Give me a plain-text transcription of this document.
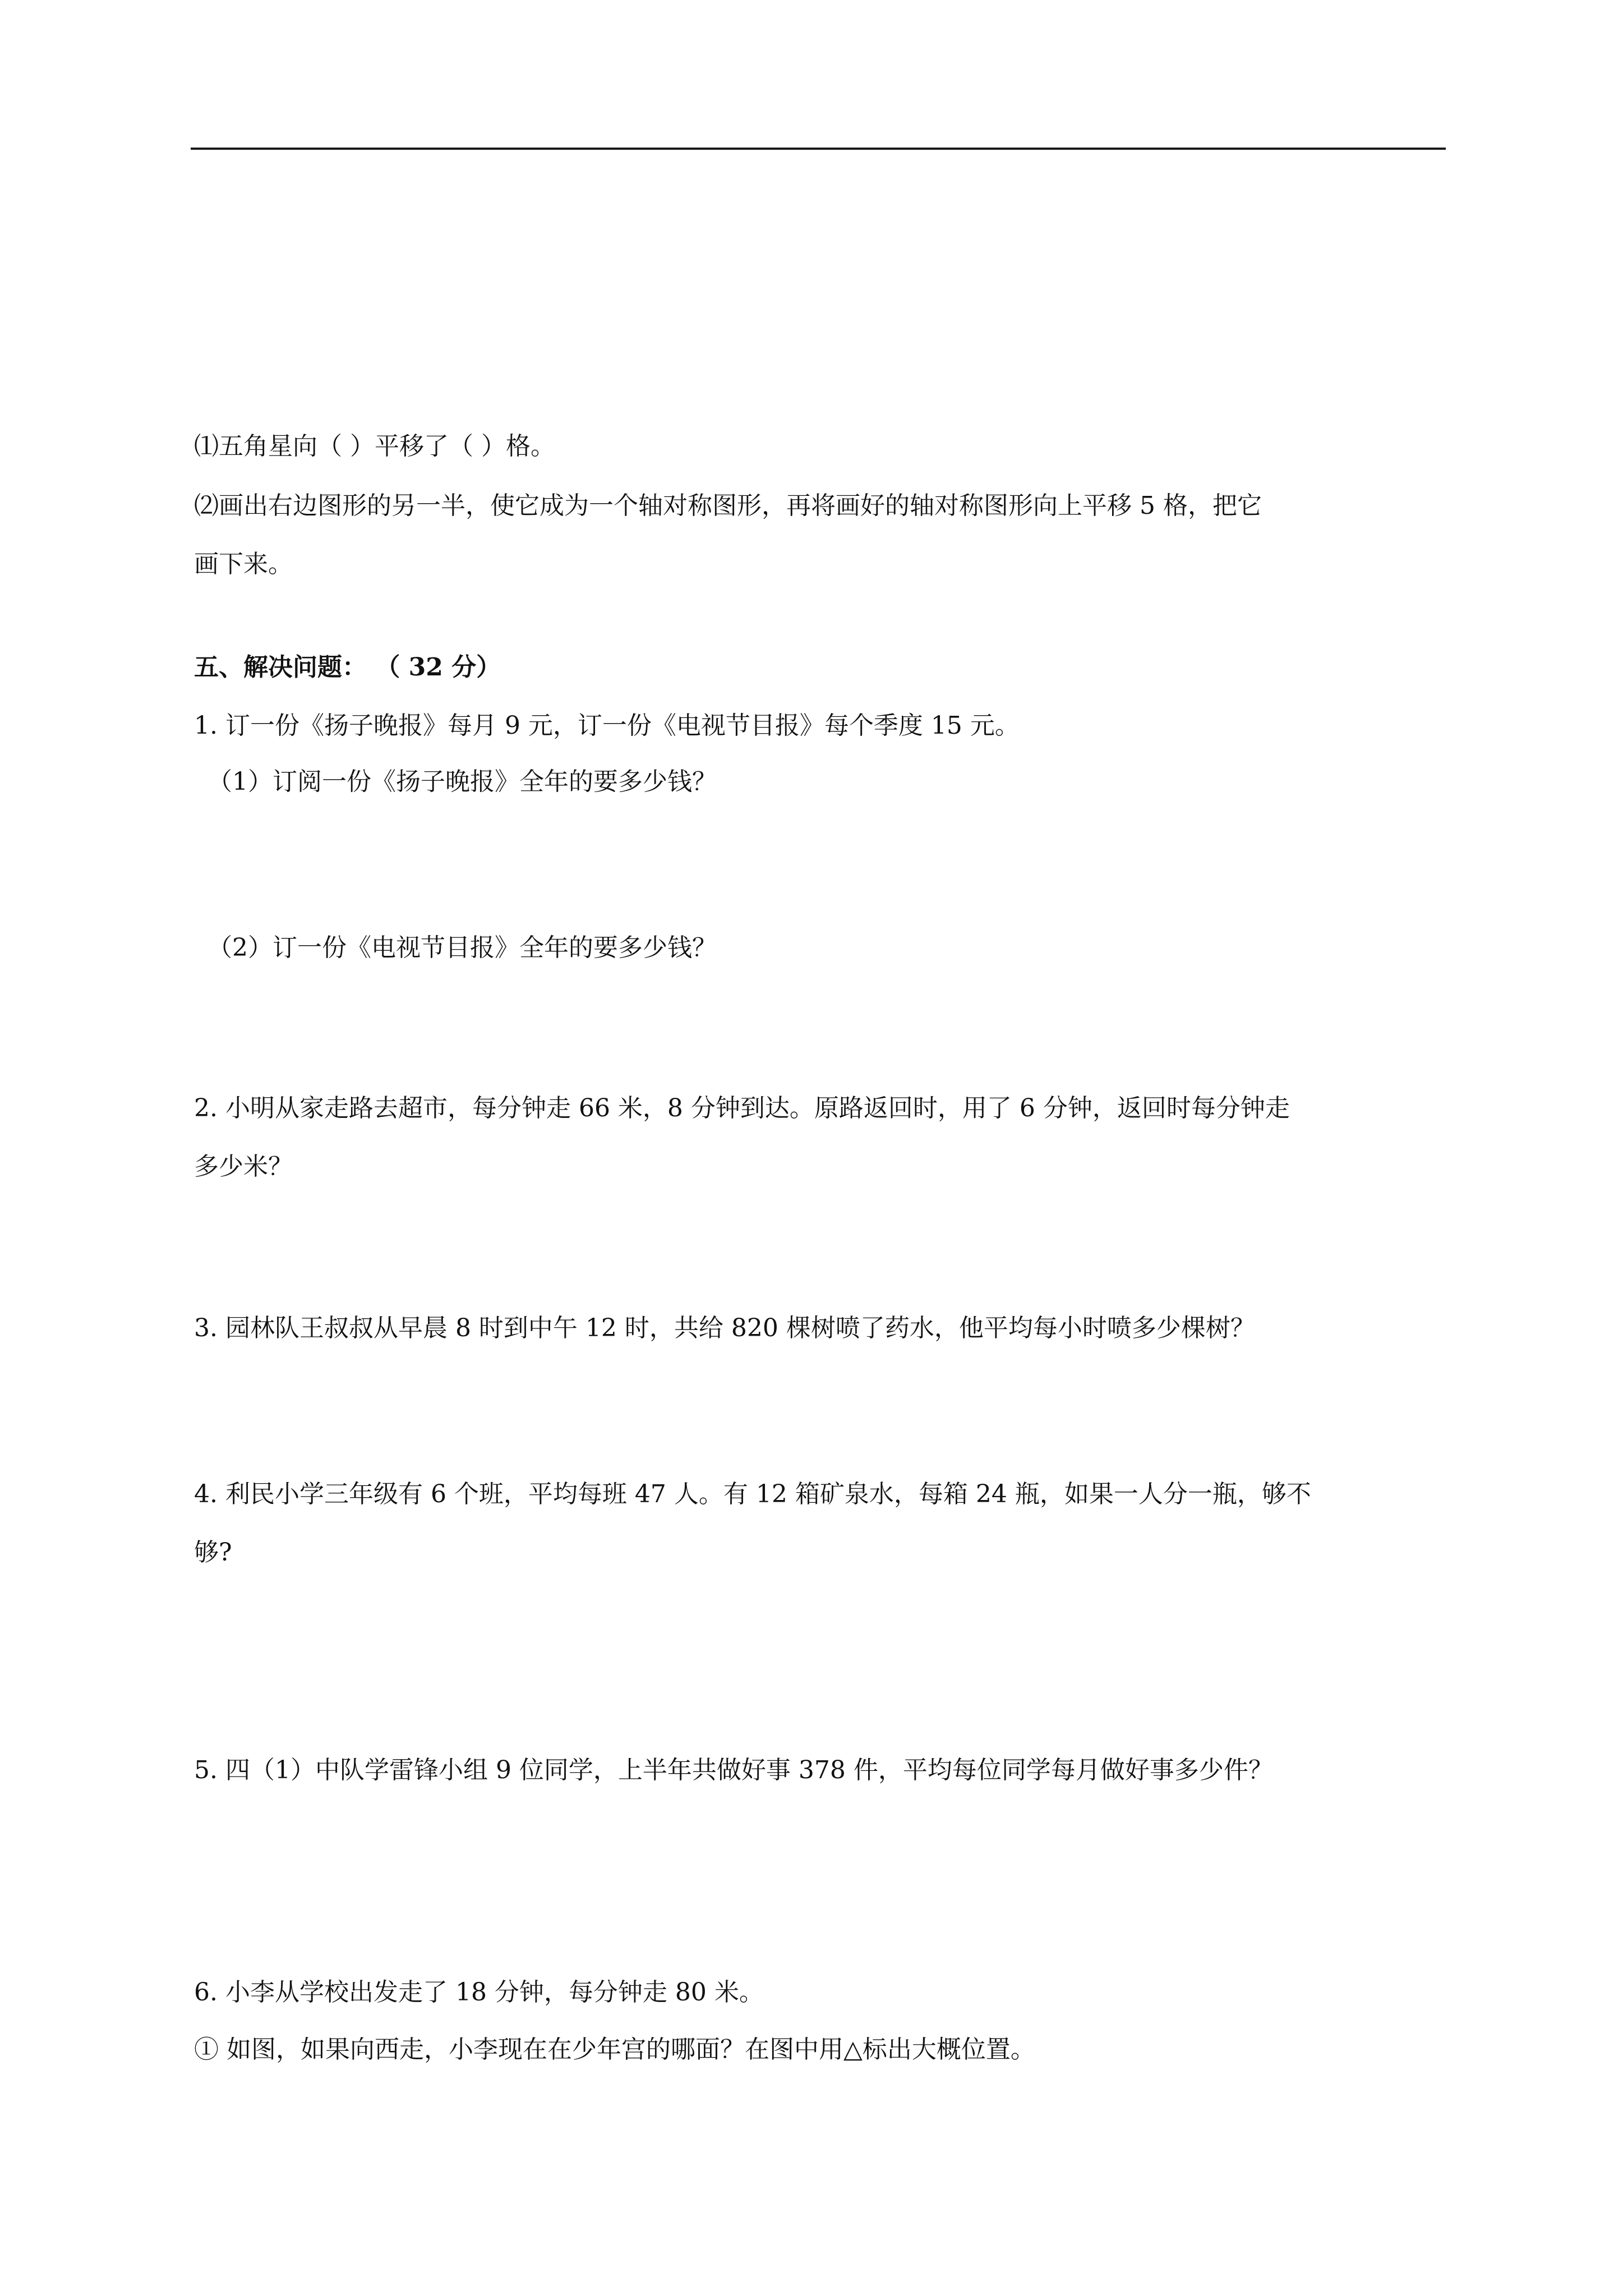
⑴五角星向（ ）平移了（ ）格。
⑵画出右边图形的另一半，使它成为一个轴对称图形，再将画好的轴对称图形向上平移 5 格，把它
画下来。
五、解决问题： （ 32 分）
1. 订一份《扬子晚报》每月 9 元，订一份《电视节目报》每个季度 15 元。
（1）订阅一份《扬子晚报》全年的要多少钱？
（2）订一份《电视节目报》全年的要多少钱？
2. 小明从家走路去超市，每分钟走 66 米，8 分钟到达。原路返回时，用了 6 分钟，返回时每分钟走
多少米？
3. 园林队王叔叔从早晨 8 时到中午 12 时，共给 820 棵树喷了药水，他平均每小时喷多少棵树？
4. 利民小学三年级有 6 个班，平均每班 47 人。有 12 箱矿泉水，每箱 24 瓶，如果一人分一瓶，够不
够?
5. 四（1）中队学雷锋小组 9 位同学，上半年共做好事 378 件，平均每位同学每月做好事多少件？
6. 小李从学校出发走了 18 分钟，每分钟走 80 米。
① 如图，如果向西走，小李现在在少年宫的哪面？在图中用△标出大概位置。
